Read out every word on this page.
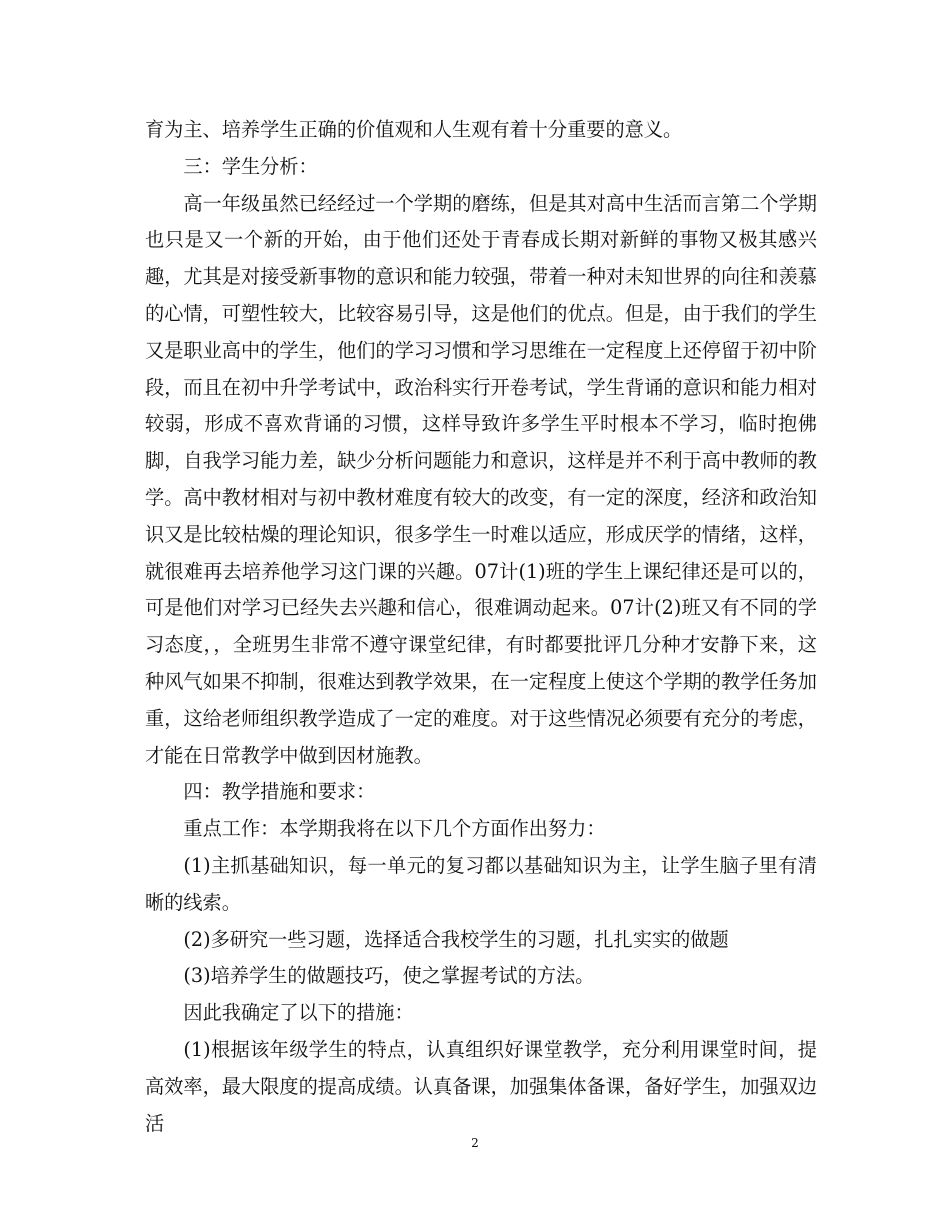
育为主、培养学生正确的价值观和人生观有着十分重要的意义。

三：学生分析：

高一年级虽然已经经过一个学期的磨练，但是其对高中生活而言第二个学期也只是又一个新的开始，由于他们还处于青春成长期对新鲜的事物又极其感兴趣，尤其是对接受新事物的意识和能力较强，带着一种对未知世界的向往和羡慕的心情，可塑性较大，比较容易引导，这是他们的优点。但是，由于我们的学生又是职业高中的学生，他们的学习习惯和学习思维在一定程度上还停留于初中阶段，而且在初中升学考试中，政治科实行开卷考试，学生背诵的意识和能力相对较弱，形成不喜欢背诵的习惯，这样导致许多学生平时根本不学习，临时抱佛脚，自我学习能力差，缺少分析问题能力和意识，这样是并不利于高中教师的教学。高中教材相对与初中教材难度有较大的改变，有一定的深度，经济和政治知识又是比较枯燥的理论知识，很多学生一时难以适应，形成厌学的情绪，这样，就很难再去培养他学习这门课的兴趣。07计(1)班的学生上课纪律还是可以的，可是他们对学习已经失去兴趣和信心，很难调动起来。07计(2)班又有不同的学习态度，，全班男生非常不遵守课堂纪律，有时都要批评几分种才安静下来，这种风气如果不抑制，很难达到教学效果，在一定程度上使这个学期的教学任务加重，这给老师组织教学造成了一定的难度。对于这些情况必须要有充分的考虑，才能在日常教学中做到因材施教。

四：教学措施和要求：

重点工作：本学期我将在以下几个方面作出努力：

(1)主抓基础知识，每一单元的复习都以基础知识为主，让学生脑子里有清晰的线索。

(2)多研究一些习题，选择适合我校学生的习题，扎扎实实的做题

(3)培养学生的做题技巧，使之掌握考试的方法。

因此我确定了以下的措施：

(1)根据该年级学生的特点，认真组织好课堂教学，充分利用课堂时间，提高效率，最大限度的提高成绩。认真备课，加强集体备课，备好学生，加强双边活

2
